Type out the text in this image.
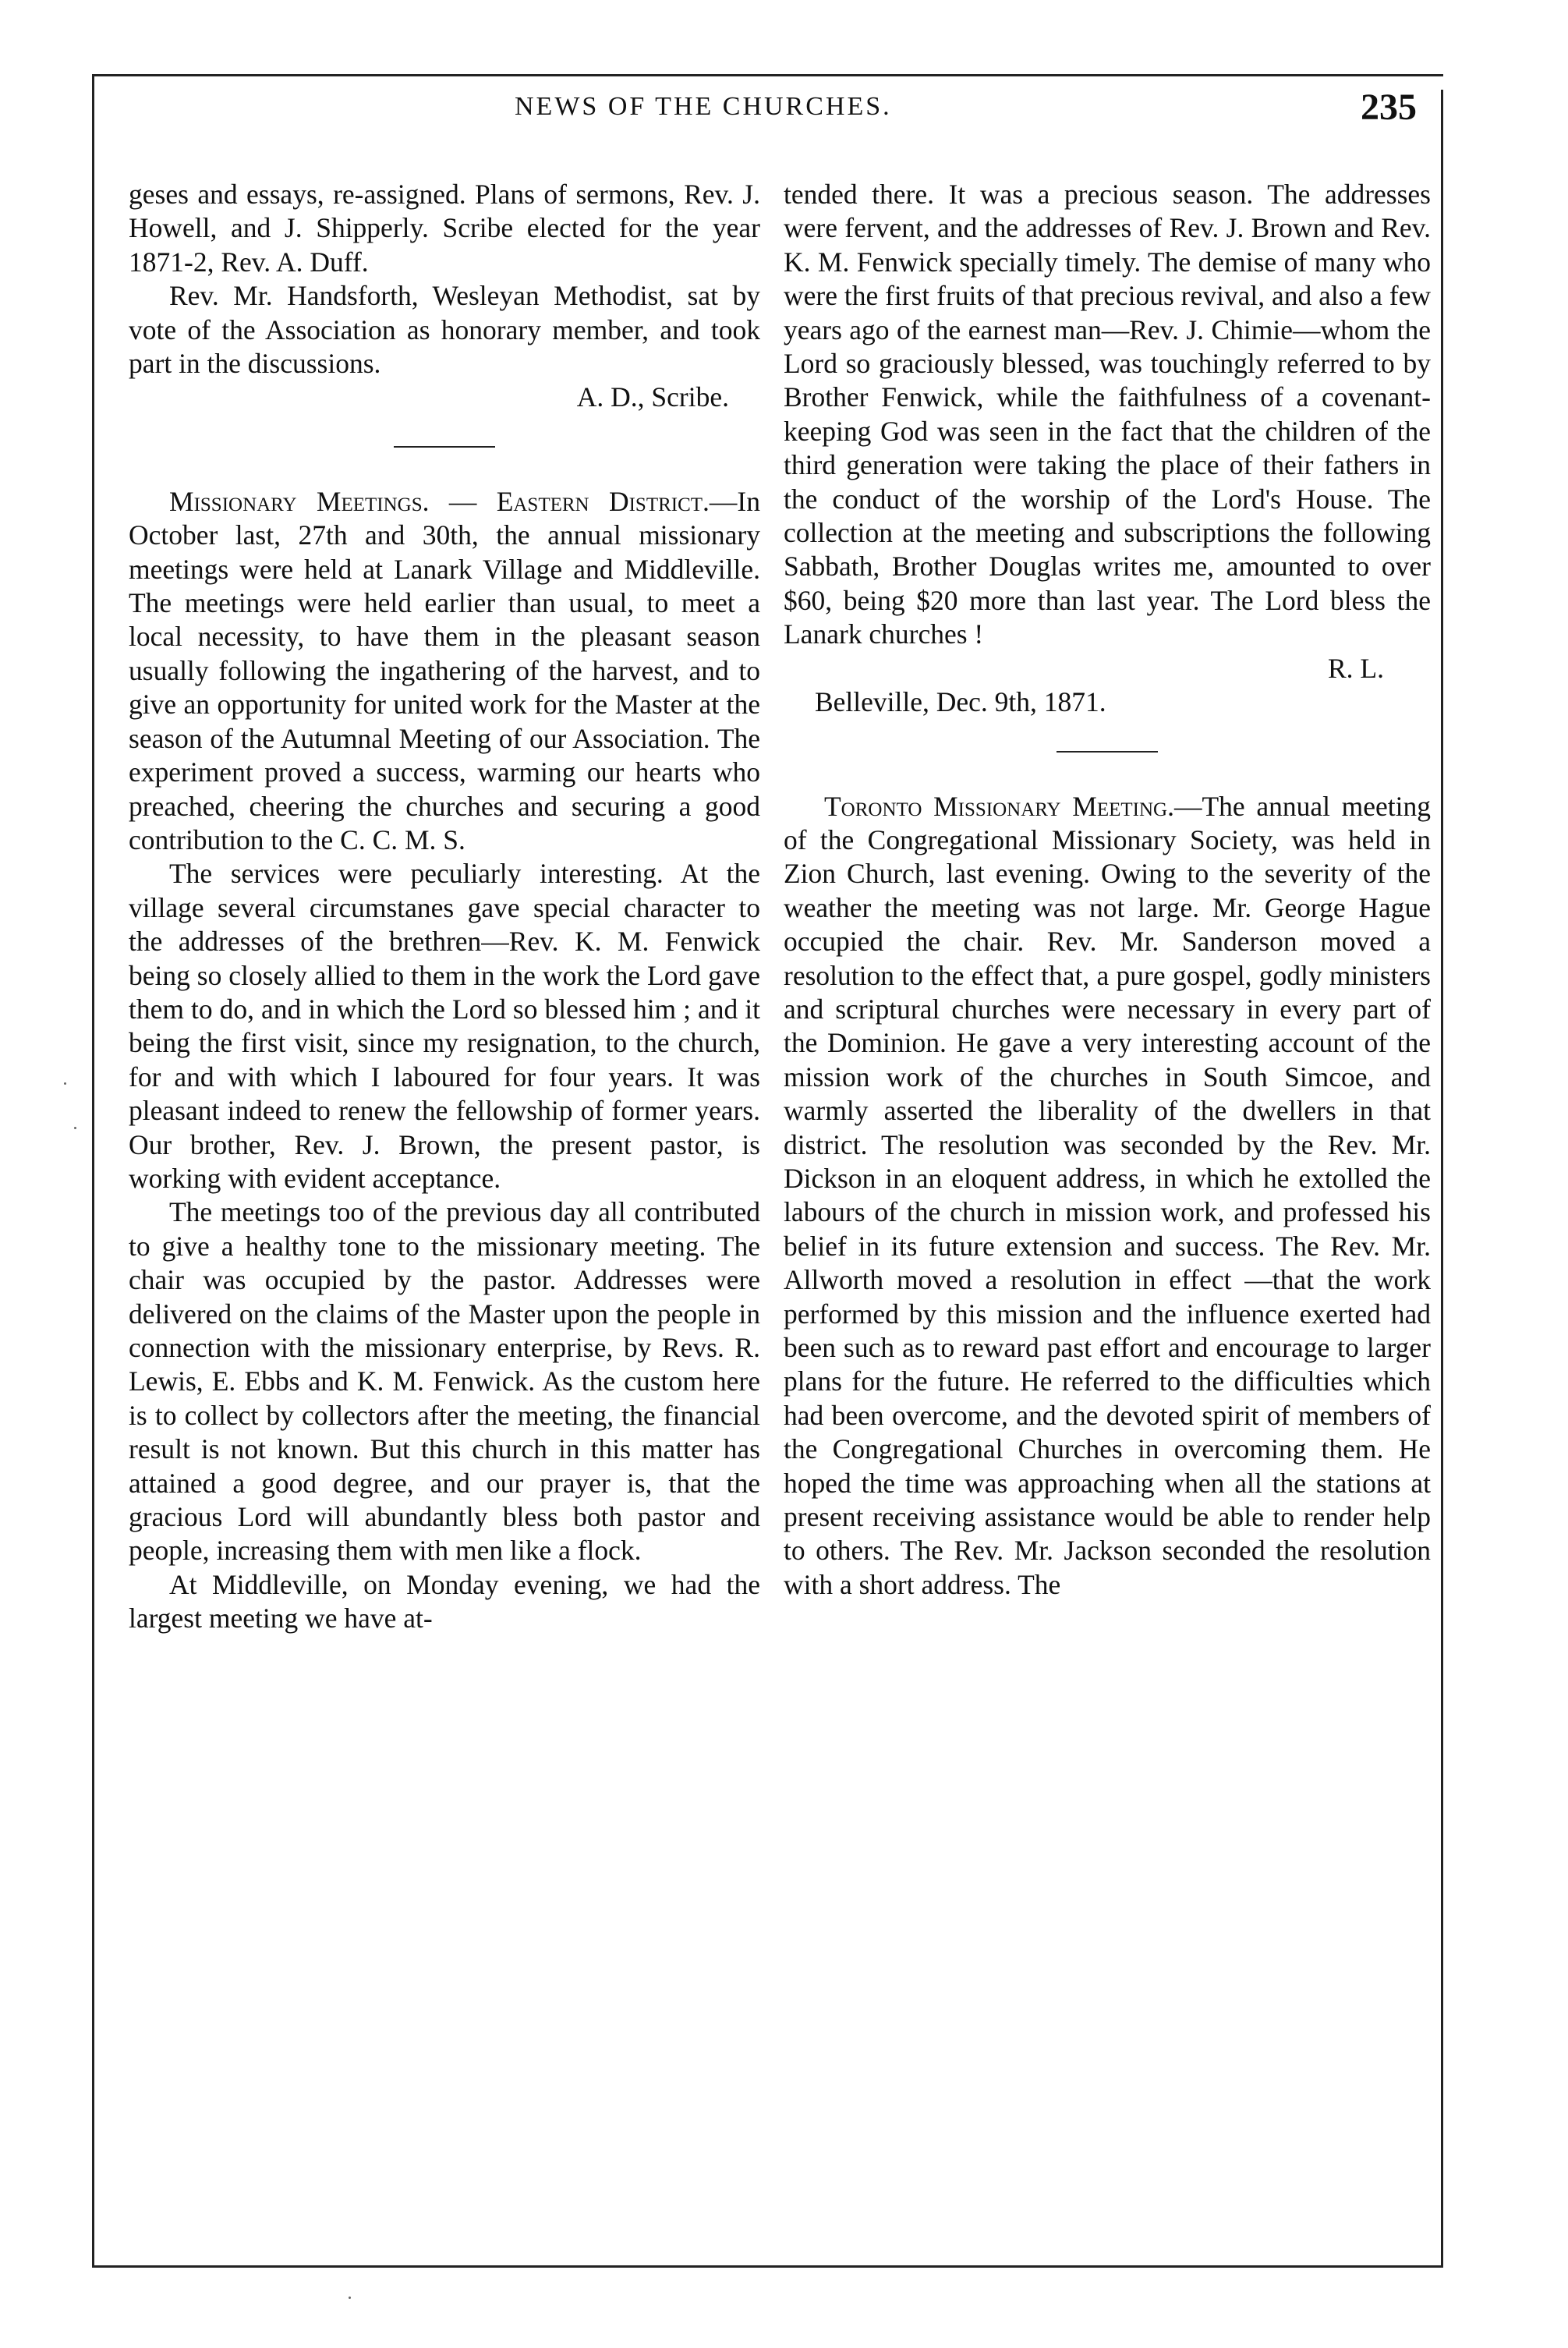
NEWS OF THE CHURCHES.	235

geses and essays, re-assigned. Plans of sermons, Rev. J. Howell, and J. Shipperly. Scribe elected for the year 1871-2, Rev. A. Duff.

Rev. Mr. Handsforth, Wesleyan Methodist, sat by vote of the Association as honorary member, and took part in the discussions.

A. D., Scribe.

Missionary Meetings. — Eastern District.—In October last, 27th and 30th, the annual missionary meetings were held at Lanark Village and Middleville. The meetings were held earlier than usual, to meet a local necessity, to have them in the pleasant season usually following the ingathering of the harvest, and to give an opportunity for united work for the Master at the season of the Autumnal Meeting of our Association. The experiment proved a success, warming our hearts who preached, cheering the churches and securing a good contribution to the C. C. M. S.

The services were peculiarly interesting. At the village several circumstanes gave special character to the addresses of the brethren—Rev. K. M. Fenwick being so closely allied to them in the work the Lord gave them to do, and in which the Lord so blessed him ; and it being the first visit, since my resignation, to the church, for and with which I laboured for four years. It was pleasant indeed to renew the fellowship of former years. Our brother, Rev. J. Brown, the present pastor, is working with evident acceptance.

The meetings too of the previous day all contributed to give a healthy tone to the missionary meeting. The chair was occupied by the pastor. Addresses were delivered on the claims of the Master upon the people in connection with the missionary enterprise, by Revs. R. Lewis, E. Ebbs and K. M. Fenwick. As the custom here is to collect by collectors after the meeting, the financial result is not known. But this church in this matter has attained a good degree, and our prayer is, that the gracious Lord will abundantly bless both pastor and people, increasing them with men like a flock.

At Middleville, on Monday evening, we had the largest meeting we have at-

tended there. It was a precious season. The addresses were fervent, and the addresses of Rev. J. Brown and Rev. K. M. Fenwick specially timely. The demise of many who were the first fruits of that precious revival, and also a few years ago of the earnest man—Rev. J. Chimie—whom the Lord so graciously blessed, was touchingly referred to by Brother Fenwick, while the faithfulness of a covenant-keeping God was seen in the fact that the children of the third generation were taking the place of their fathers in the conduct of the worship of the Lord's House. The collection at the meeting and subscriptions the following Sabbath, Brother Douglas writes me, amounted to over $60, being $20 more than last year. The Lord bless the Lanark churches !

R. L.

Belleville, Dec. 9th, 1871.

Toronto Missionary Meeting.—The annual meeting of the Congregational Missionary Society, was held in Zion Church, last evening. Owing to the severity of the weather the meeting was not large. Mr. George Hague occupied the chair. Rev. Mr. Sanderson moved a resolution to the effect that, a pure gospel, godly ministers and scriptural churches were necessary in every part of the Dominion. He gave a very interesting account of the mission work of the churches in South Simcoe, and warmly asserted the liberality of the dwellers in that district. The resolution was seconded by the Rev. Mr. Dickson in an eloquent address, in which he extolled the labours of the church in mission work, and professed his belief in its future extension and success. The Rev. Mr. Allworth moved a resolution in effect —that the work performed by this mission and the influence exerted had been such as to reward past effort and encourage to larger plans for the future. He referred to the difficulties which had been overcome, and the devoted spirit of members of the Congregational Churches in overcoming them. He hoped the time was approaching when all the stations at present receiving assistance would be able to render help to others. The Rev. Mr. Jackson seconded the resolution with a short address. The
